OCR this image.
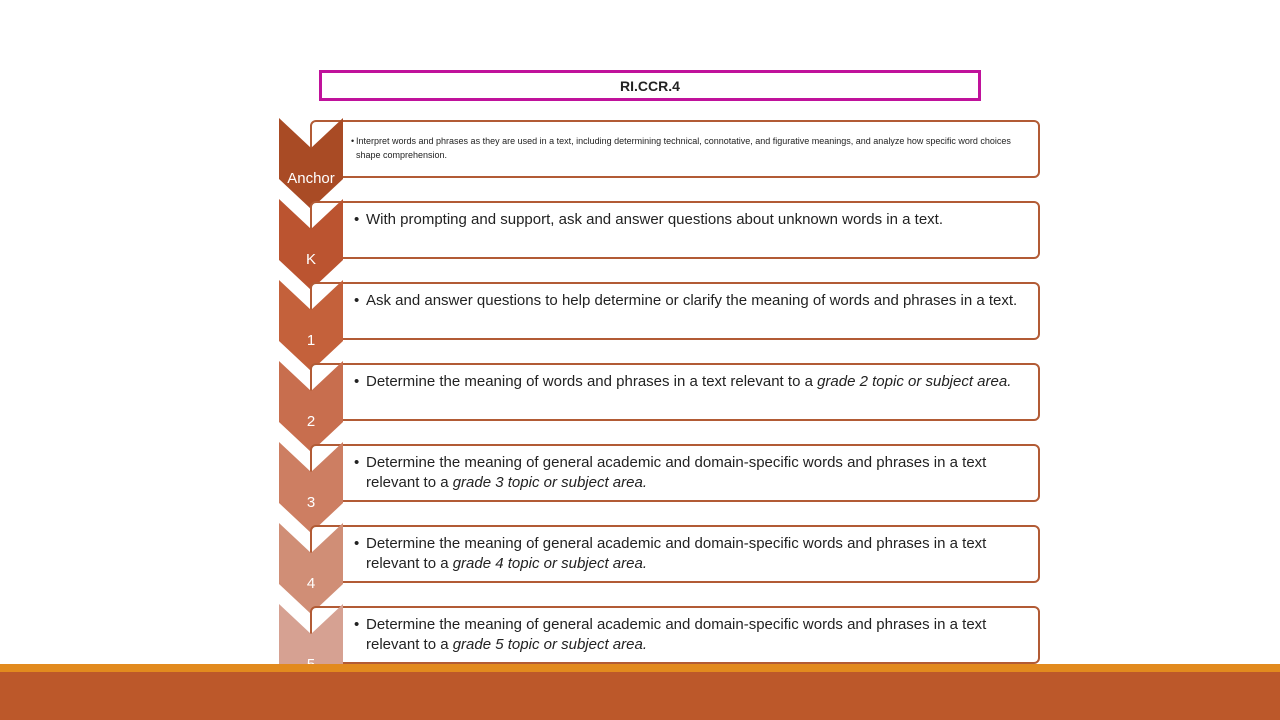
RI.CCR.4
Anchor
• Interpret words and phrases as they are used in a text, including determining technical, connotative, and figurative meanings, and analyze how specific word choices shape comprehension.
K
• With prompting and support, ask and answer questions about unknown words in a text.
1
• Ask and answer questions to help determine or clarify the meaning of words and phrases in a text.
2
• Determine the meaning of words and phrases in a text relevant to a grade 2 topic or subject area.
3
• Determine the meaning of general academic and domain-specific words and phrases in a text relevant to a grade 3 topic or subject area.
4
• Determine the meaning of general academic and domain-specific words and phrases in a text relevant to a grade 4 topic or subject area.
• Determine the meaning of general academic and domain-specific words and phrases in a text relevant to a grade 5 topic or subject area.
